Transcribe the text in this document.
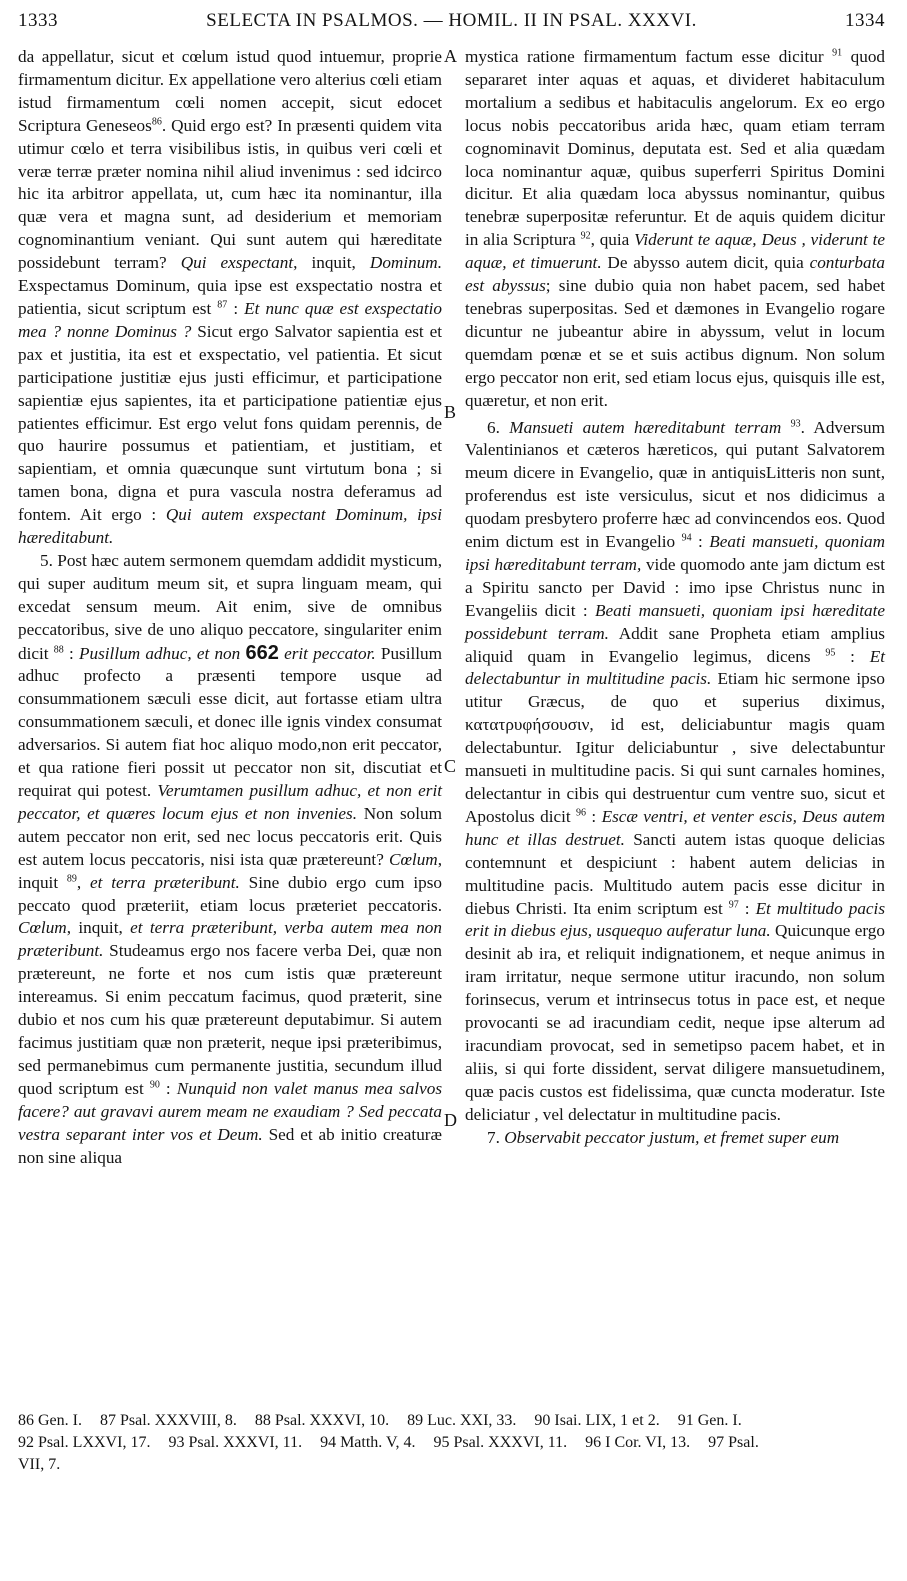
1333	SELECTA IN PSALMOS. — HOMIL. II IN PSAL. XXXVI.	1334
A
B
C
D

da appellatur, sicut et cœlum istud quod intuemur, proprie firmamentum dicitur. Ex appellatione vero alterius cœli etiam istud firmamentum cœli nomen accepit, sicut edocet Scriptura Geneseos$^{86}$. Quid ergo est? In præsenti quidem vita utimur cœlo et terra visibilibus istis, in quibus veri cœli et veræ terræ præter nomina nihil aliud invenimus : sed idcirco hic ita arbitror appellata, ut, cum hæc ita nominantur, illa quæ vera et magna sunt, ad desiderium et memoriam cognominantium veniant. Qui sunt autem qui hæreditate possidebunt terram? Qui exspectant, inquit, Dominum. Exspectamus Dominum, quia ipse est exspectatio nostra et patientia, sicut scriptum est $^{87}$ : Et nunc quæ est exspectatio mea ? nonne Dominus ? Sicut ergo Salvator sapientia est et pax et justitia, ita est et exspectatio, vel patientia. Et sicut participatione justitiæ ejus justi efficimur, et participatione sapientiæ ejus sapientes, ita et participatione patientiæ ejus patientes efficimur. Est ergo velut fons quidam perennis, de quo haurire possumus et patientiam, et justitiam, et sapientiam, et omnia quæcunque sunt virtutum bona ; si tamen bona, digna et pura vascula nostra deferamus ad fontem. Ait ergo : Qui autem exspectant Dominum, ipsi hæreditabunt.

5. Post hæc autem sermonem quemdam addidit mysticum, qui super auditum meum sit, et supra linguam meam, qui excedat sensum meum. Ait enim, sive de omnibus peccatoribus, sive de uno aliquo peccatore, singulariter enim dicit $^{88}$ : Pusillum adhuc, et non 662 erit peccator. Pusillum adhuc profecto a præsenti tempore usque ad consummationem sæculi esse dicit, aut fortasse etiam ultra consummationem sæculi, et donec ille ignis vindex consumat adversarios. Si autem fiat hoc aliquo modo,non erit peccator, et qua ratione fieri possit ut peccator non sit, discutiat et requirat qui potest. Verumtamen pusillum adhuc, et non erit peccator, et quæres locum ejus et non invenies. Non solum autem peccator non erit, sed nec locus peccatoris erit. Quis est autem locus peccatoris, nisi ista quæ prætereunt? Cœlum, inquit $^{89}$, et terra præteribunt. Sine dubio ergo cum ipso peccato quod præteriit, etiam locus præteriet peccatoris. Cœlum, inquit, et terra præteribunt, verba autem mea non præteribunt. Studeamus ergo nos facere verba Dei, quæ non prætereunt, ne forte et nos cum istis quæ prætereunt intereamus. Si enim peccatum facimus, quod præterit, sine dubio et nos cum his quæ prætereunt deputabimur. Si autem facimus justitiam quæ non præterit, neque ipsi præteribimus, sed permanebimus cum permanente justitia, secundum illud quod scriptum est $^{90}$ : Nunquid non valet manus mea salvos facere? aut gravavi aurem meam ne exaudiam ? Sed peccata vestra separant inter vos et Deum. Sed et ab initio creaturæ non sine aliqua

mystica ratione firmamentum factum esse dicitur $^{91}$ quod separaret inter aquas et aquas, et divideret habitaculum mortalium a sedibus et habitaculis angelorum. Ex eo ergo locus nobis peccatoribus arida hæc, quam etiam terram cognominavit Dominus, deputata est. Sed et alia quædam loca nominantur aquæ, quibus superferri Spiritus Domini dicitur. Et alia quædam loca abyssus nominantur, quibus tenebræ superpositæ referuntur. Et de aquis quidem dicitur in alia Scriptura $^{92}$, quia Viderunt te aquæ, Deus , viderunt te aquæ, et timuerunt. De abysso autem dicit, quia conturbata est abyssus; sine dubio quia non habet pacem, sed habet tenebras superpositas. Sed et dæmones in Evangelio rogare dicuntur ne jubeantur abire in abyssum, velut in locum quemdam pœnæ et se et suis actibus dignum. Non solum ergo peccator non erit, sed etiam locus ejus, quisquis ille est, quæretur, et non erit.

6. Mansueti autem hæreditabunt terram $^{93}$. Adversum Valentinianos et cæteros hæreticos, qui putant Salvatorem meum dicere in Evangelio, quæ in antiquisLitteris non sunt, proferendus est iste versiculus, sicut et nos didicimus a quodam presbytero proferre hæc ad convincendos eos. Quod enim dictum est in Evangelio $^{94}$ : Beati mansueti, quoniam ipsi hæreditabunt terram, vide quomodo ante jam dictum est a Spiritu sancto per David : imo ipse Christus nunc in Evangeliis dicit : Beati mansueti, quoniam ipsi hæreditate possidebunt terram. Addit sane Propheta etiam amplius aliquid quam in Evangelio legimus, dicens $^{95}$ : Et delectabuntur in multitudine pacis. Etiam hic sermone ipso utitur Græcus, de quo et superius diximus, κατατρυφήσουσιν, id est, deliciabuntur magis quam delectabuntur. Igitur deliciabuntur , sive delectabuntur mansueti in multitudine pacis. Si qui sunt carnales homines, delectantur in cibis qui destruentur cum ventre suo, sicut et Apostolus dicit $^{96}$ : Escæ ventri, et venter escis, Deus autem hunc et illas destruet. Sancti autem istas quoque delicias contemnunt et despiciunt : habent autem delicias in multitudine pacis. Multitudo autem pacis esse dicitur in diebus Christi. Ita enim scriptum est $^{97}$ : Et multitudo pacis erit in diebus ejus, usquequo auferatur luna. Quicunque ergo desinit ab ira, et reliquit indignationem, et neque animus in iram irritatur, neque sermone utitur iracundo, non solum forinsecus, verum et intrinsecus totus in pace est, et neque provocanti se ad iracundiam cedit, neque ipse alterum ad iracundiam provocat, sed in semetipso pacem habet, et in aliis, si qui forte dissident, servat diligere mansuetudinem, quæ pacis custos est fidelissima, quæ cuncta moderatur. Iste deliciatur , vel delectatur in multitudine pacis.

7. Observabit peccator justum, et fremet super eum

86 Gen. I. 87 Psal. XXXVIII, 8. 88 Psal. XXXVI, 10. 89 Luc. XXI, 33. 90 Isai. LIX, 1 et 2. 91 Gen. I.
92 Psal. LXXVI, 17. 93 Psal. XXXVI, 11. 94 Matth. V, 4. 95 Psal. XXXVI, 11. 96 I Cor. VI, 13. 97 Psal.
VII, 7.
